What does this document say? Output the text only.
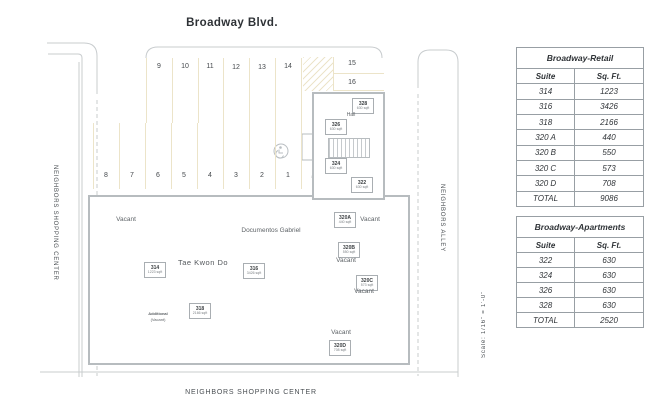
Broadway Blvd.
NEIGHBORS SHOPPING CENTER	NEIGHBORS ALLEY
Scale: 1/16" = 1'-0"
NEIGHBORS SHOPPING CENTER
9	10 11	12	13	14	15
16
8	7	6	5	4	3	2	1
328
630 sqft
326
630 sqft
324
630 sqft
322
630 sqft
Hall
Vacant
Tae Kwon Do
Documentos Gabriel
Additional
(Vacant)
314
1223 sqft	316
3426 sqft
318
2166 sqft
320A
440 sqft Vacant
320B
550 sqft
Vacant
320C
573 sqft
Vacant
Vacant
320D
708 sqft
Broadway-Retail
Suite	Sq. Ft.
314	1223
316	3426
318	2166
320 A	440
320 B	550
320 C	573
320 D	708
TOTAL	9086
Broadway-Apartments
Suite	Sq. Ft.
322	630
324	630
326	630
328	630
TOTAL	2520
